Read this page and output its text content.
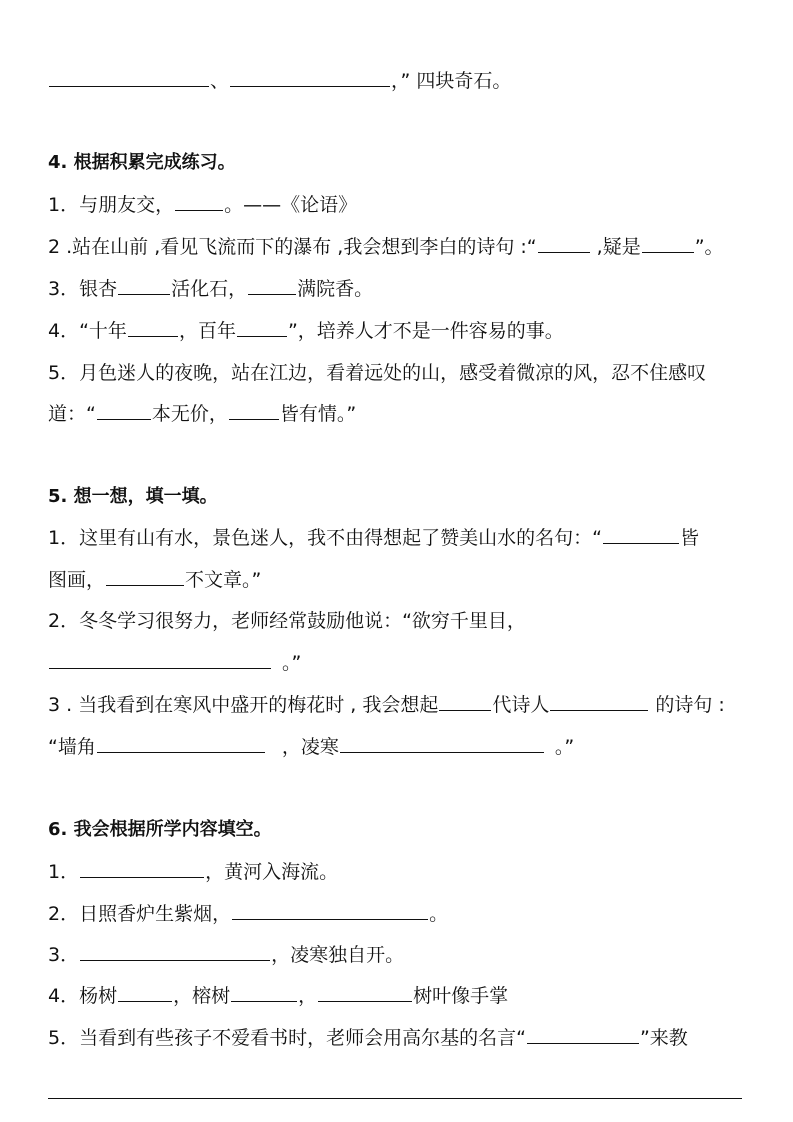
、	，” 四块奇石。
4. 根据积累完成练习。
1．与朋友交，	。——《论语》
2 .站在山前 ,看见飞流而下的瀑布 ,我会想到李白的诗句 :“	,疑是	”。
3．银杏	活化石，	满院香。
4．“十年	，百年	”，培养人才不是一件容易的事。
5．月色迷人的夜晚，站在江边，看着远处的山，感受着微凉的风，忍不住感叹
道：“	本无价，	皆有情。”
5. 想一想，填一填。
1．这里有山有水，景色迷人，我不由得想起了赞美山水的名句：“	皆
图画，	不文章。”
2．冬冬学习很努力，老师经常鼓励他说：“欲穷千里目，
。”
3 . 当我看到在寒风中盛开的梅花时 , 我会想起	代诗人	的诗句 :
“墙角	，凌寒	。”
6. 我会根据所学内容填空。
1．	，黄河入海流。
2．日照香炉生紫烟，	。
3．	，凌寒独自开。
4．杨树	，榕树	，	树叶像手掌
5．当看到有些孩子不爱看书时，老师会用高尔基的名言“	”来教
